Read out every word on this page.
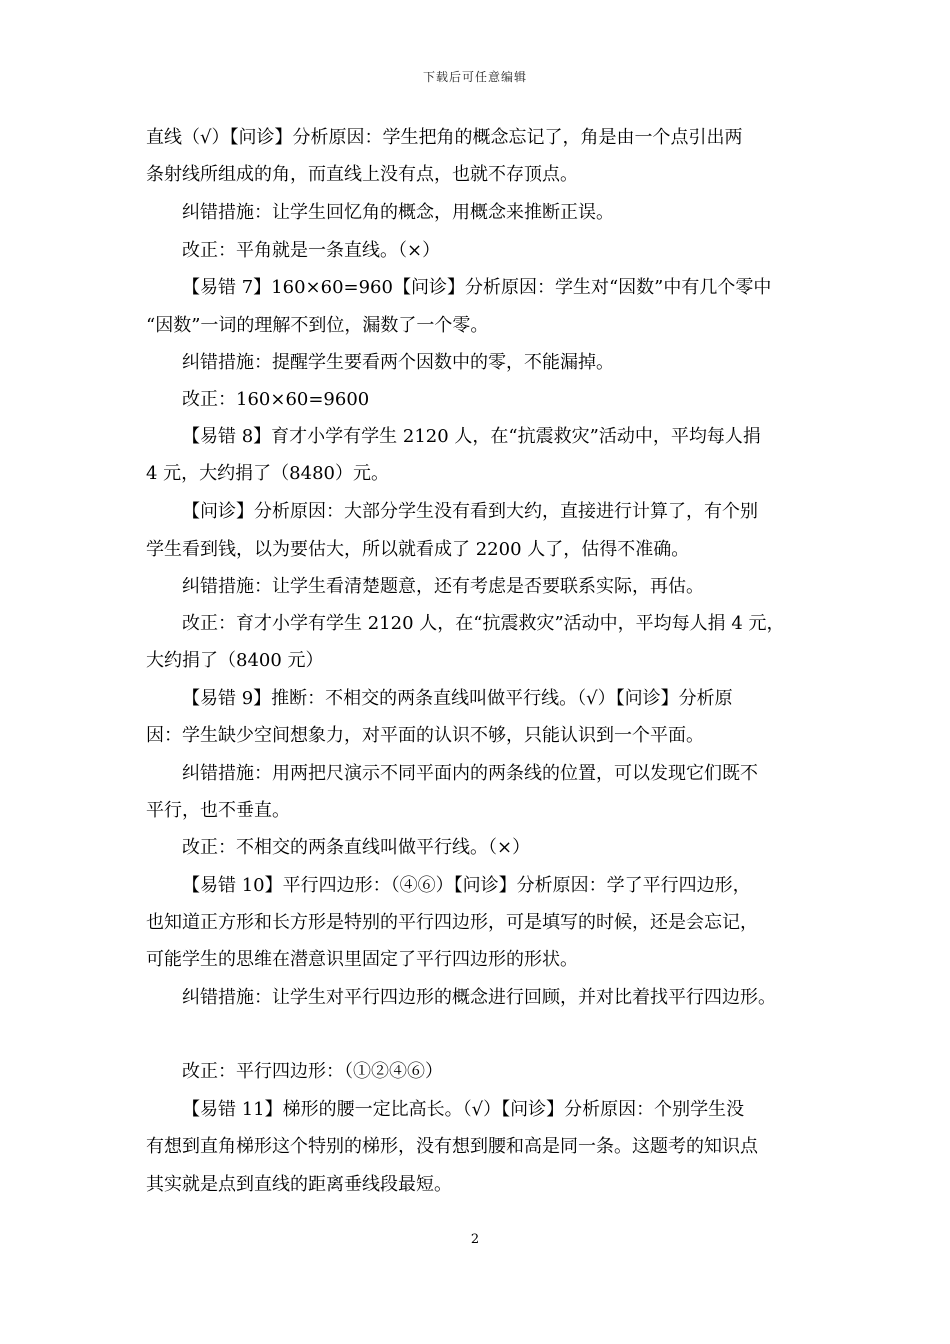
下载后可任意编辑
直线（√）【问诊】分析原因：学生把角的概念忘记了，角是由一个点引出两
条射线所组成的角，而直线上没有点，也就不存顶点。
纠错措施：让学生回忆角的概念，用概念来推断正误。
改正：平角就是一条直线。（×）
【易错 7】160×60=960【问诊】分析原因：学生对“因数”中有几个零中
“因数”一词的理解不到位，漏数了一个零。
纠错措施：提醒学生要看两个因数中的零，不能漏掉。
改正：160×60=9600
【易错 8】育才小学有学生 2120 人，在“抗震救灾”活动中，平均每人捐
4 元，大约捐了（8480）元。
【问诊】分析原因：大部分学生没有看到大约，直接进行计算了，有个别
学生看到钱，以为要估大，所以就看成了 2200 人了，估得不准确。
纠错措施：让学生看清楚题意，还有考虑是否要联系实际，再估。
改正：育才小学有学生 2120 人，在“抗震救灾”活动中，平均每人捐 4 元，
大约捐了（8400 元）
【易错 9】推断：不相交的两条直线叫做平行线。（√）【问诊】分析原
因：学生缺少空间想象力，对平面的认识不够，只能认识到一个平面。
纠错措施：用两把尺演示不同平面内的两条线的位置，可以发现它们既不
平行，也不垂直。
改正：不相交的两条直线叫做平行线。（×）
【易错 10】平行四边形：（④⑥）【问诊】分析原因：学了平行四边形，
也知道正方形和长方形是特别的平行四边形，可是填写的时候，还是会忘记，
可能学生的思维在潜意识里固定了平行四边形的形状。
纠错措施：让学生对平行四边形的概念进行回顾，并对比着找平行四边形。
改正：平行四边形：（①②④⑥）
【易错 11】梯形的腰一定比高长。（√）【问诊】分析原因：个别学生没
有想到直角梯形这个特别的梯形，没有想到腰和高是同一条。这题考的知识点
其实就是点到直线的距离垂线段最短。
2
